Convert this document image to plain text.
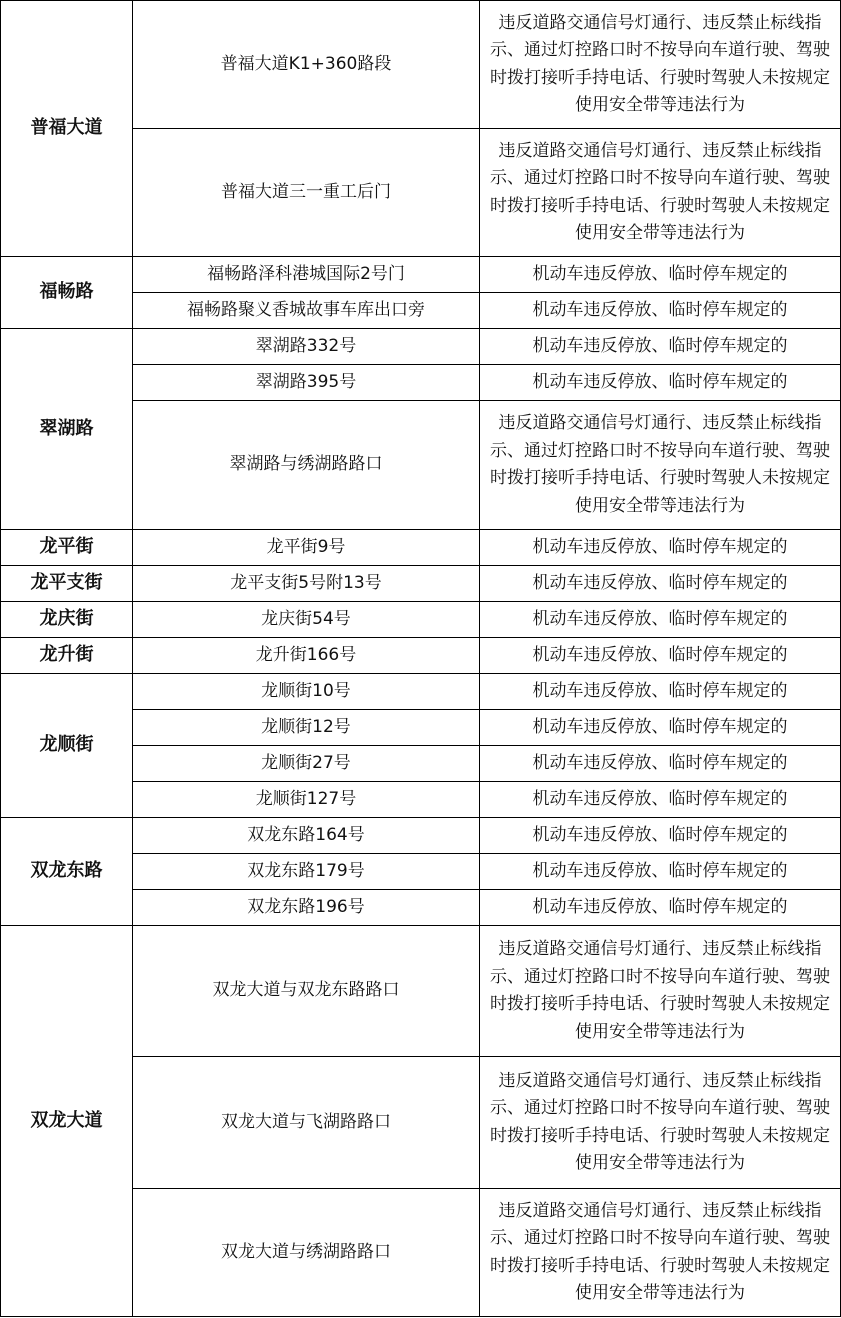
普福大道	普福大道K1+360路段	违反道路交通信号灯通行、违反禁止标线指示、通过灯控路口时不按导向车道行驶、驾驶时拨打接听手持电话、行驶时驾驶人未按规定使用安全带等违法行为
	普福大道三一重工后门	违反道路交通信号灯通行、违反禁止标线指示、通过灯控路口时不按导向车道行驶、驾驶时拨打接听手持电话、行驶时驾驶人未按规定使用安全带等违法行为
福畅路	福畅路泽科港城国际2号门	机动车违反停放、临时停车规定的
	福畅路聚义香城故事车库出口旁	机动车违反停放、临时停车规定的
翠湖路	翠湖路332号	机动车违反停放、临时停车规定的
	翠湖路395号	机动车违反停放、临时停车规定的
	翠湖路与绣湖路路口	违反道路交通信号灯通行、违反禁止标线指示、通过灯控路口时不按导向车道行驶、驾驶时拨打接听手持电话、行驶时驾驶人未按规定使用安全带等违法行为
龙平街	龙平街9号	机动车违反停放、临时停车规定的
龙平支街	龙平支街5号附13号	机动车违反停放、临时停车规定的
龙庆街	龙庆街54号	机动车违反停放、临时停车规定的
龙升街	龙升街166号	机动车违反停放、临时停车规定的
龙顺街	龙顺街10号	机动车违反停放、临时停车规定的
	龙顺街12号	机动车违反停放、临时停车规定的
	龙顺街27号	机动车违反停放、临时停车规定的
	龙顺街127号	机动车违反停放、临时停车规定的
双龙东路	双龙东路164号	机动车违反停放、临时停车规定的
	双龙东路179号	机动车违反停放、临时停车规定的
	双龙东路196号	机动车违反停放、临时停车规定的
双龙大道	双龙大道与双龙东路路口	违反道路交通信号灯通行、违反禁止标线指示、通过灯控路口时不按导向车道行驶、驾驶时拨打接听手持电话、行驶时驾驶人未按规定使用安全带等违法行为
	双龙大道与飞湖路路口	违反道路交通信号灯通行、违反禁止标线指示、通过灯控路口时不按导向车道行驶、驾驶时拨打接听手持电话、行驶时驾驶人未按规定使用安全带等违法行为
	双龙大道与绣湖路路口	违反道路交通信号灯通行、违反禁止标线指示、通过灯控路口时不按导向车道行驶、驾驶时拨打接听手持电话、行驶时驾驶人未按规定使用安全带等违法行为
